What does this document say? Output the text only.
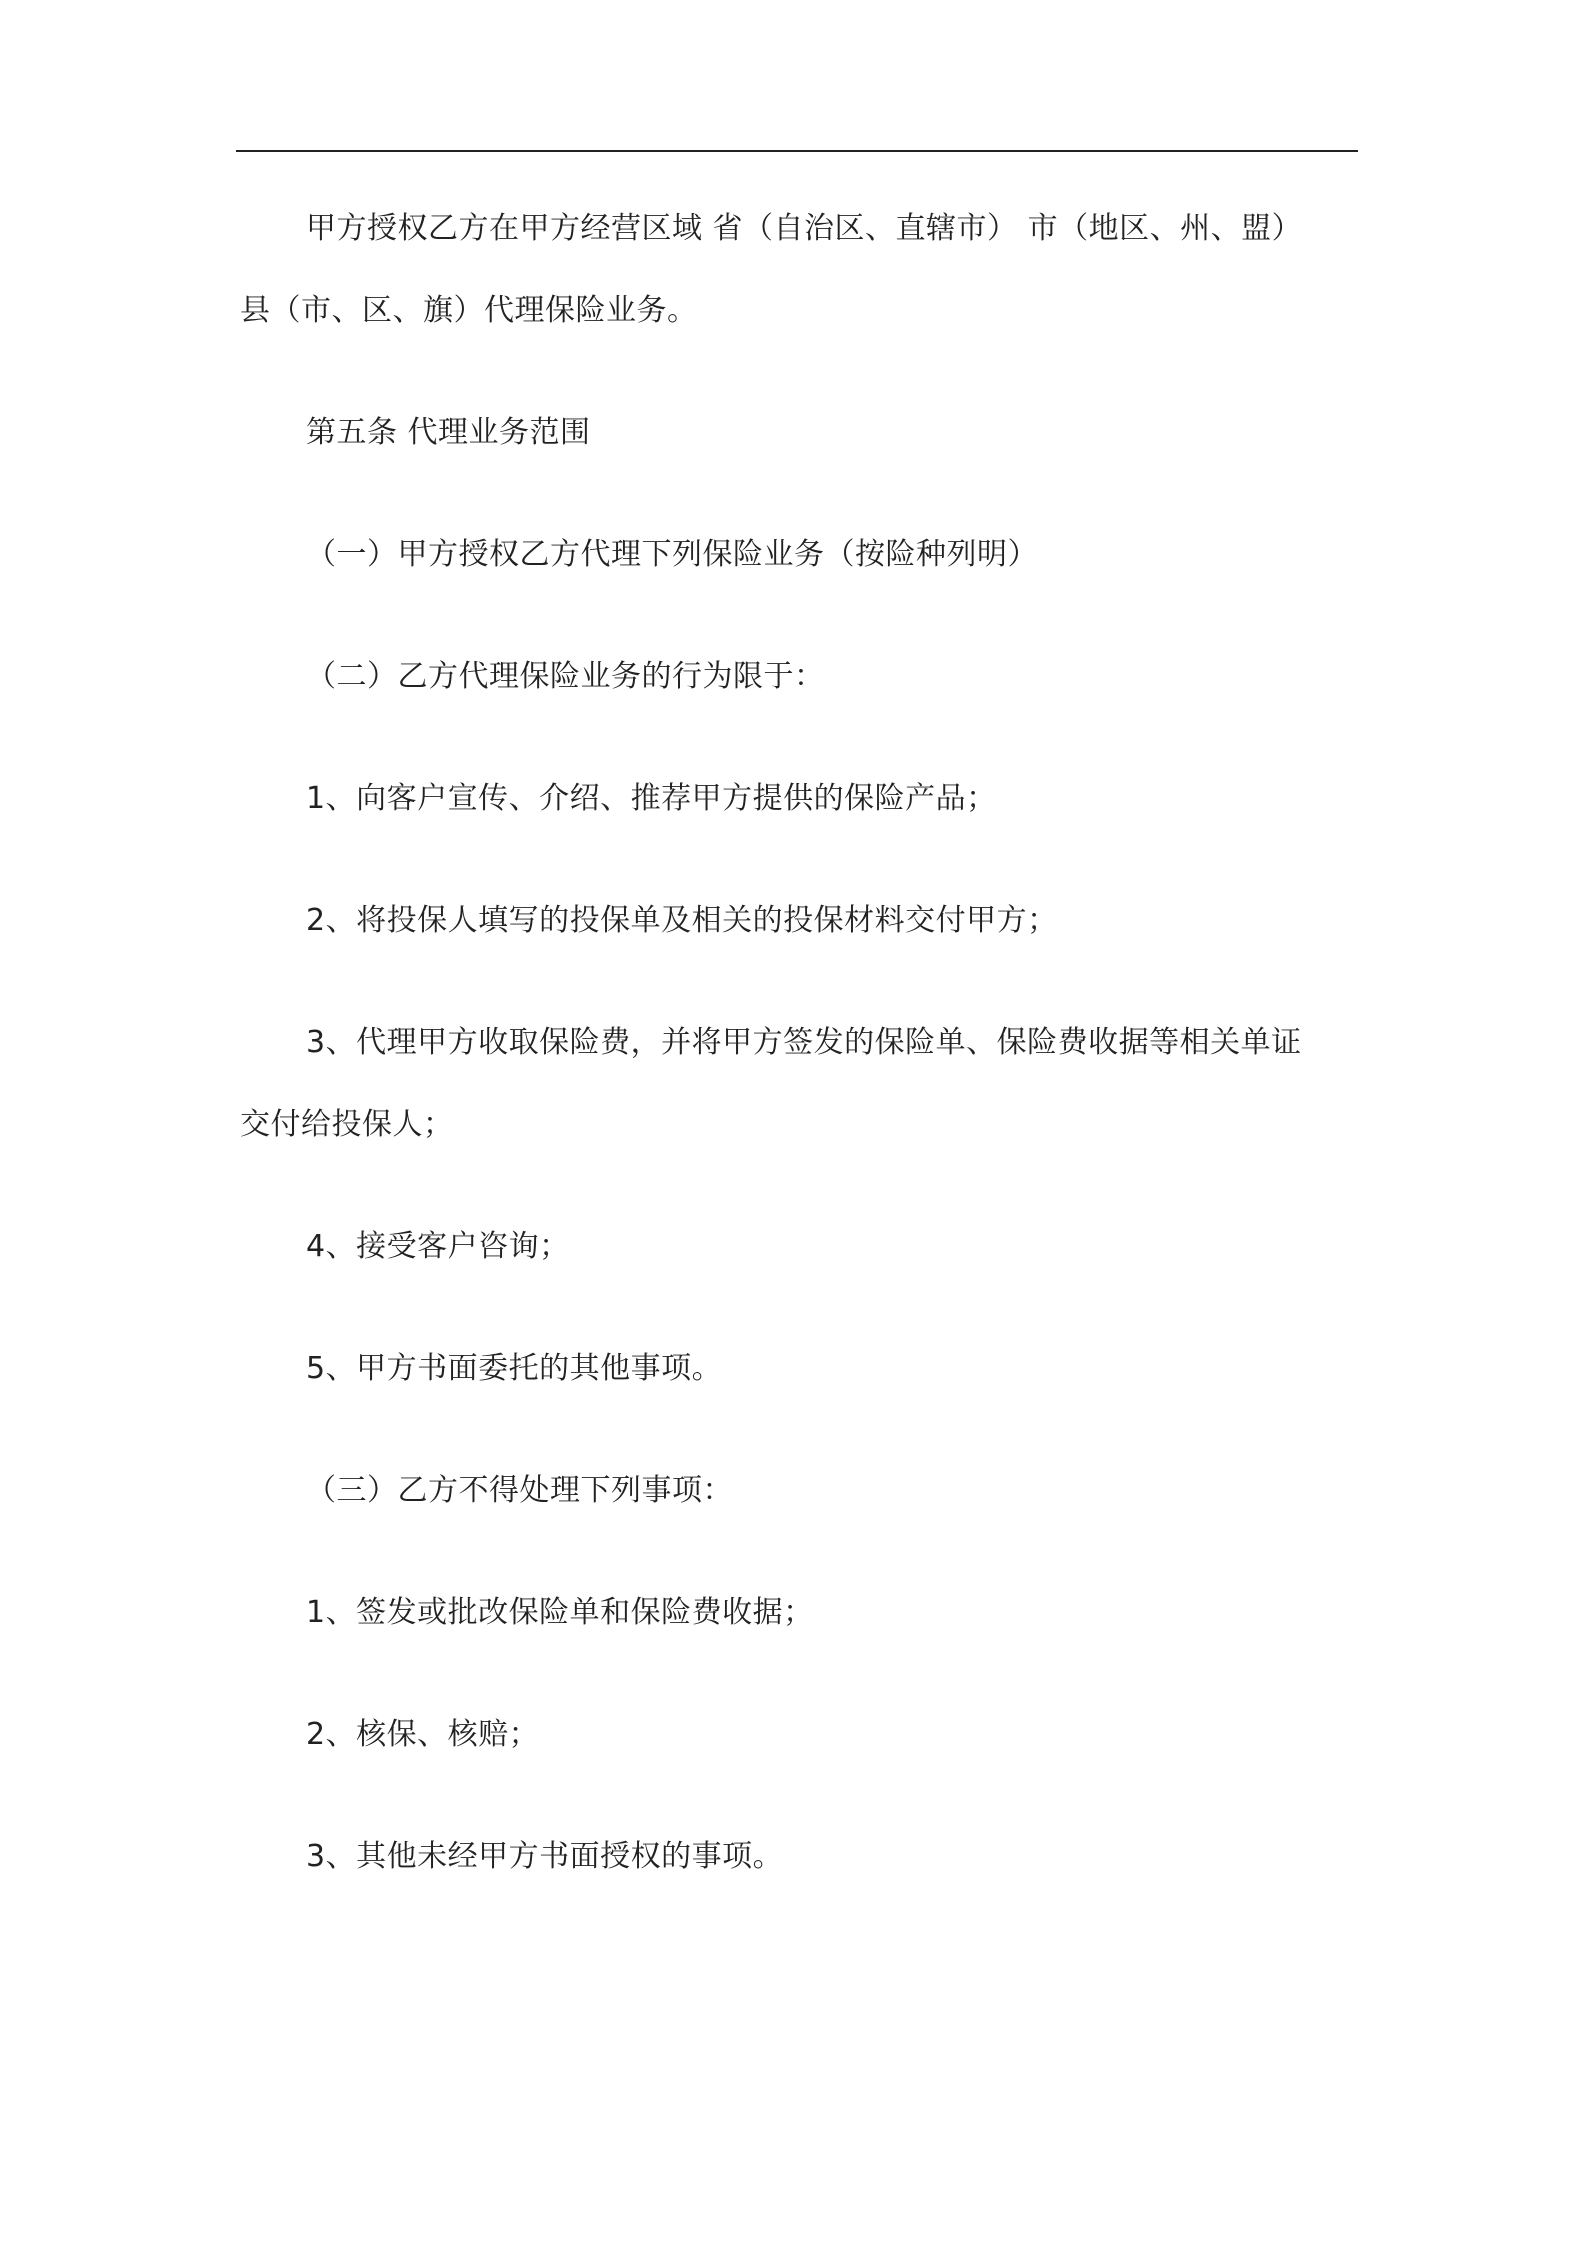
甲方授权乙方在甲方经营区域 省（自治区、直辖市） 市（地区、州、盟）
县（市、区、旗）代理保险业务。
第五条 代理业务范围
（一）甲方授权乙方代理下列保险业务（按险种列明）
（二）乙方代理保险业务的行为限于：
1、向客户宣传、介绍、推荐甲方提供的保险产品；
2、将投保人填写的投保单及相关的投保材料交付甲方；
3、代理甲方收取保险费，并将甲方签发的保险单、保险费收据等相关单证
交付给投保人；
4、接受客户咨询；
5、甲方书面委托的其他事项。
（三）乙方不得处理下列事项：
1、签发或批改保险单和保险费收据；
2、核保、核赔；
3、其他未经甲方书面授权的事项。
